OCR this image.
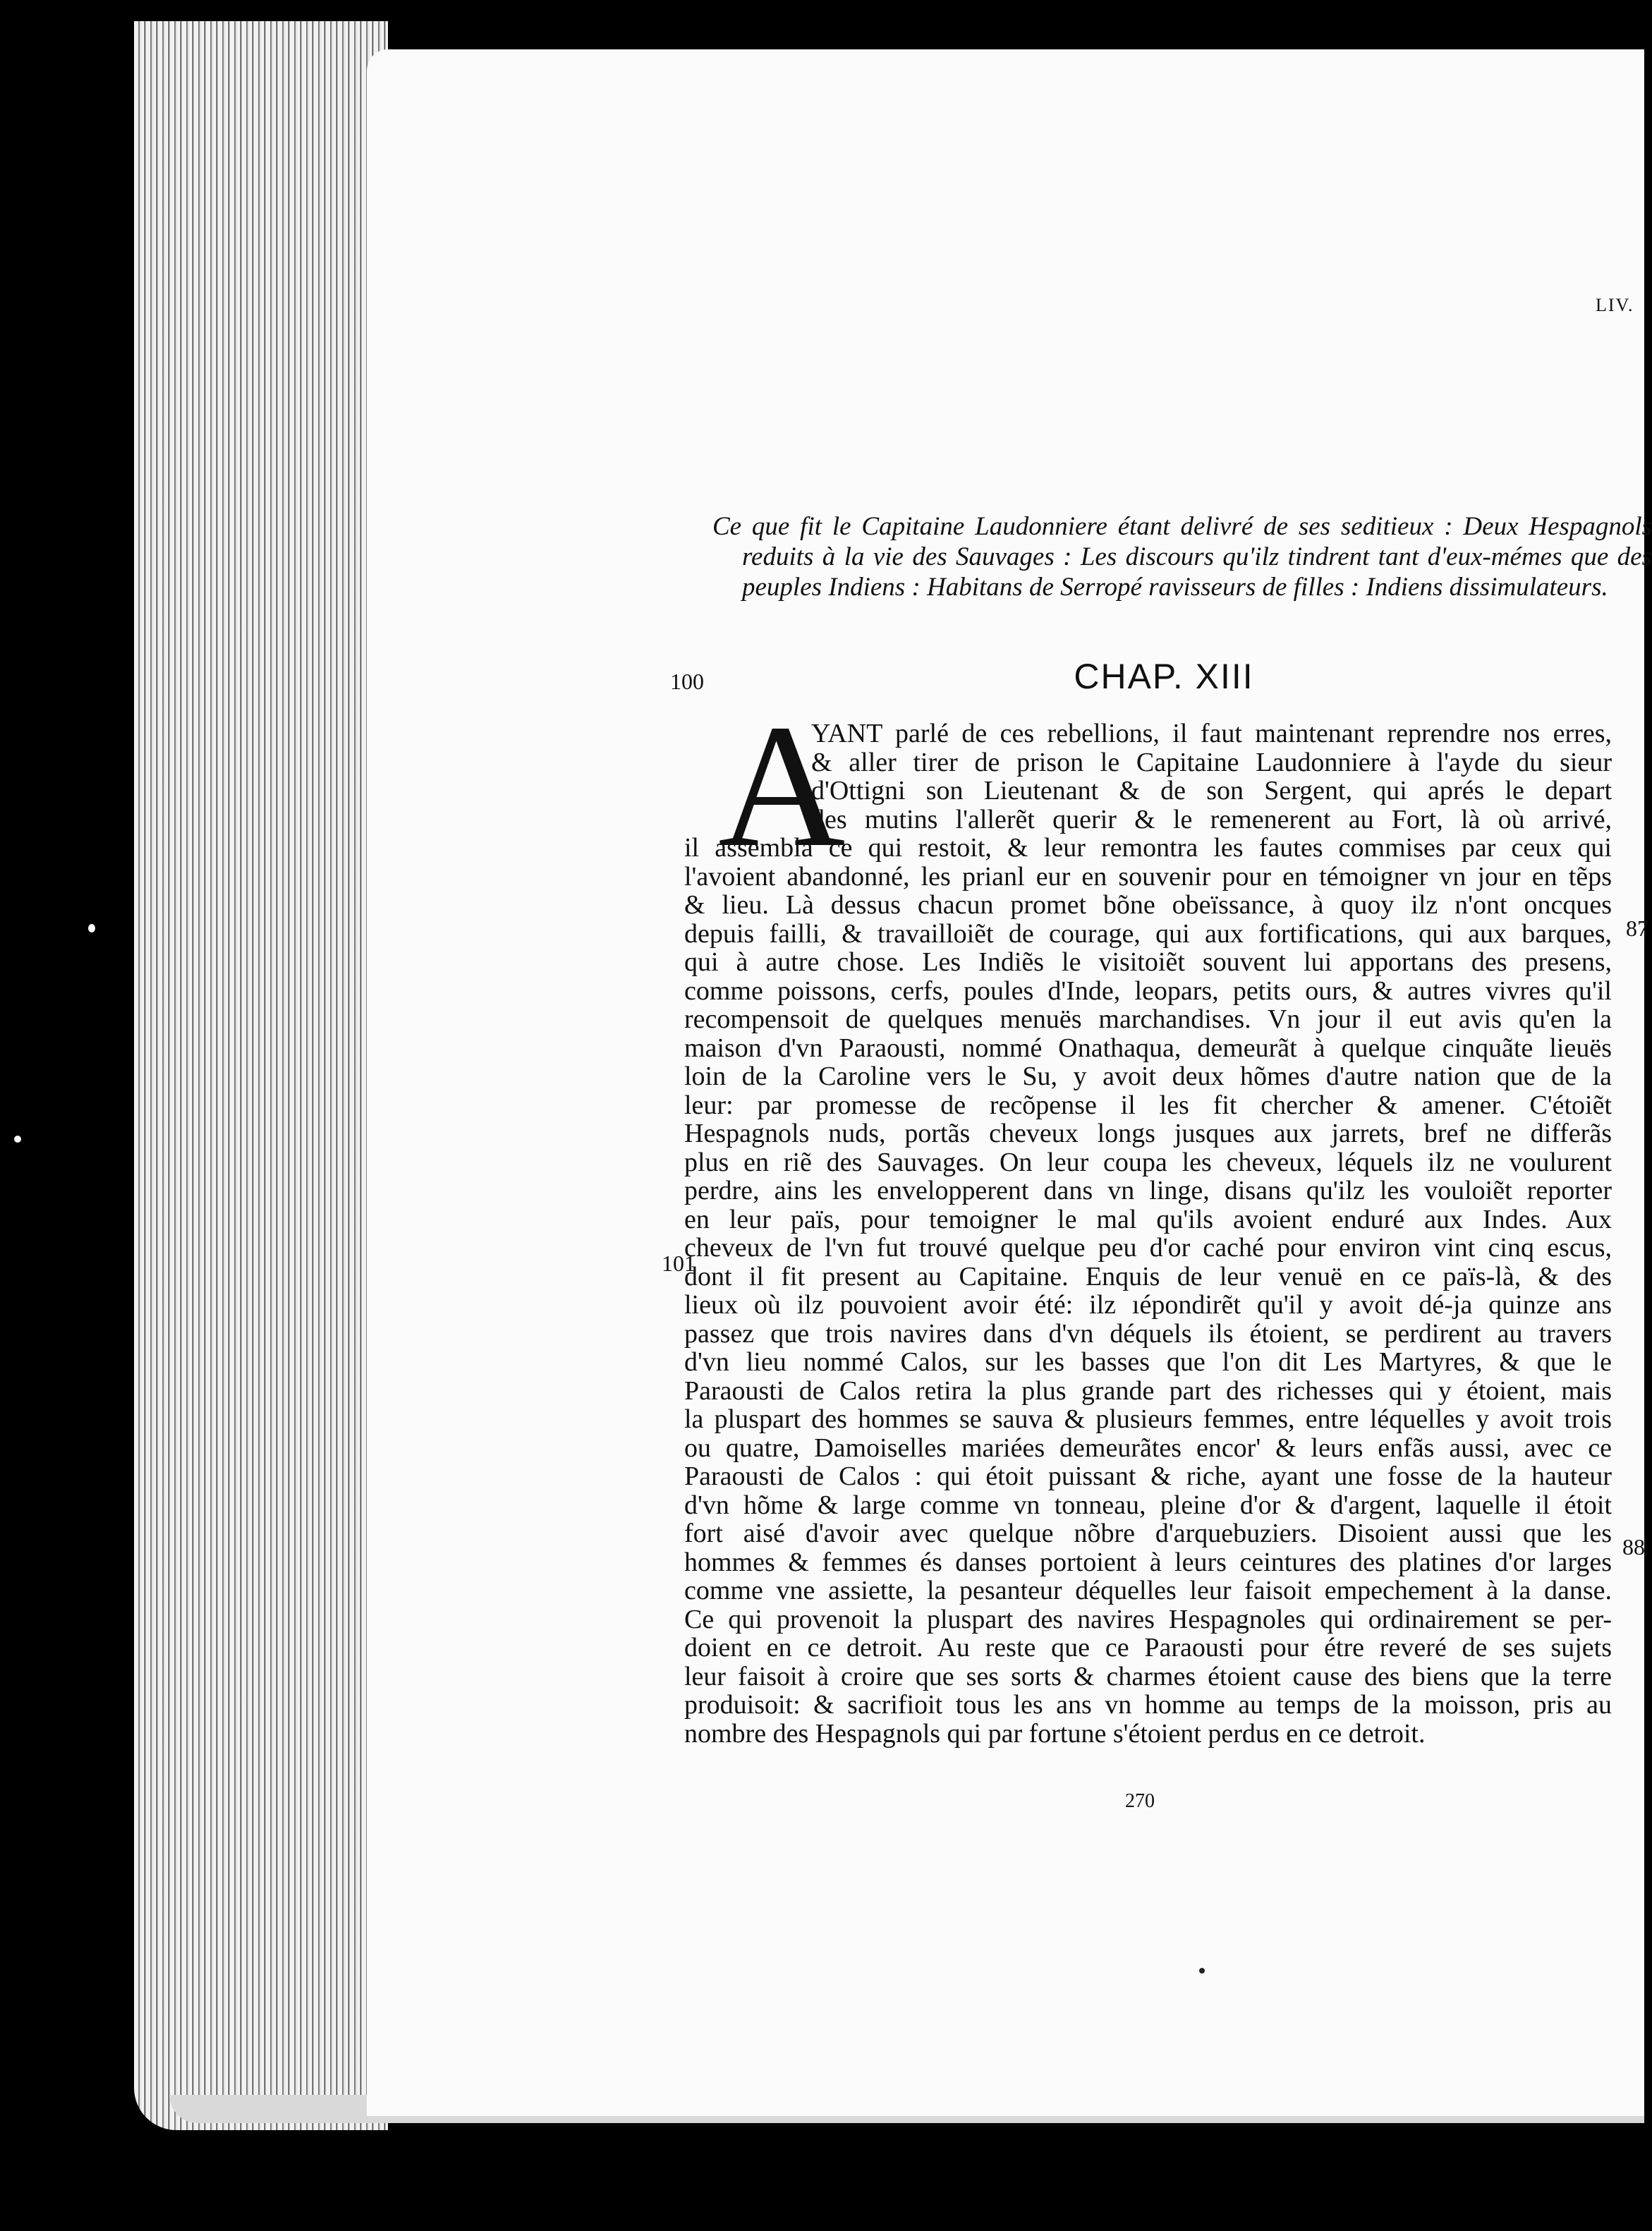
LIV.
Ce que fit le Capitaine Laudonniere étant delivré de ses seditieux : Deux Hespagnols reduits à la vie des Sauvages : Les discours qu'ilz tindrent tant d'eux-mémes que des peuples Indiens : Habitans de Serropé ravisseurs de filles : Indiens dissimulateurs.
CHAP. XIII
100
101
87
88
A
YANT parlé de ces rebellions, il faut maintenant reprendre nos erres,
& aller tirer de prison le Capitaine Laudonniere à l'ayde du sieur
d'Ottigni son Lieutenant & de son Sergent, qui aprés le depart
des mutins l'allerẽt querir & le remenerent au Fort, là où arrivé,
il assembla ce qui restoit, & leur remontra les fautes commises par ceux qui
l'avoient abandonné, les prianl eur en souvenir pour en témoigner vn jour en tẽps
& lieu. Là dessus chacun promet bõne obeïssance, à quoy ilz n'ont oncques
depuis failli, & travailloiẽt de courage, qui aux fortifications, qui aux barques,
qui à autre chose. Les Indiẽs le visitoiẽt souvent lui apportans des presens,
comme poissons, cerfs, poules d'Inde, leopars, petits ours, & autres vivres qu'il
recompensoit de quelques menuës marchandises. Vn jour il eut avis qu'en la
maison d'vn Paraousti, nommé Onathaqua, demeurãt à quelque cinquãte lieuës
loin de la Caroline vers le Su, y avoit deux hõmes d'autre nation que de la
leur: par promesse de recõpense il les fit chercher & amener. C'étoiẽt
Hespagnols nuds, portãs cheveux longs jusques aux jarrets, bref ne differãs
plus en riẽ des Sauvages. On leur coupa les cheveux, léquels ilz ne voulurent
perdre, ains les envelopperent dans vn linge, disans qu'ilz les vouloiẽt reporter
en leur païs, pour temoigner le mal qu'ils avoient enduré aux Indes. Aux
cheveux de l'vn fut trouvé quelque peu d'or caché pour environ vint cinq escus,
dont il fit present au Capitaine. Enquis de leur venuë en ce païs-là, & des
lieux où ilz pouvoient avoir été: ilz ıépondirẽt qu'il y avoit dé-ja quinze ans
passez que trois navires dans d'vn déquels ils étoient, se perdirent au travers
d'vn lieu nommé Calos, sur les basses que l'on dit Les Martyres, & que le
Paraousti de Calos retira la plus grande part des richesses qui y étoient, mais
la pluspart des hommes se sauva & plusieurs femmes, entre léquelles y avoit trois
ou quatre, Damoiselles mariées demeurãtes encor' & leurs enfãs aussi, avec ce
Paraousti de Calos : qui étoit puissant & riche, ayant une fosse de la hauteur
d'vn hõme & large comme vn tonneau, pleine d'or & d'argent, laquelle il étoit
fort aisé d'avoir avec quelque nõbre d'arquebuziers. Disoient aussi que les
hommes & femmes és danses portoient à leurs ceintures des platines d'or larges
comme vne assiette, la pesanteur déquelles leur faisoit empechement à la danse.
Ce qui provenoit la pluspart des navires Hespagnoles qui ordinairement se per-
doient en ce detroit. Au reste que ce Paraousti pour étre reveré de ses sujets
leur faisoit à croire que ses sorts & charmes étoient cause des biens que la terre
produisoit: & sacrifioit tous les ans vn homme au temps de la moisson, pris au
nombre des Hespagnols qui par fortune s'étoient perdus en ce detroit.
270
